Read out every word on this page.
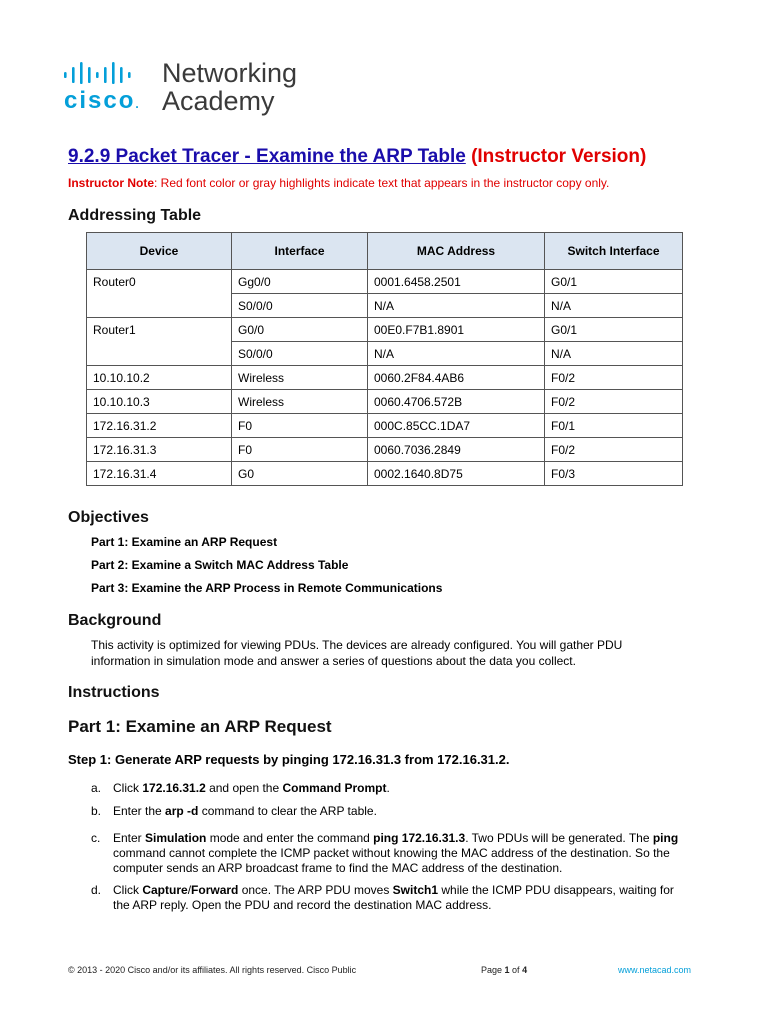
cisco.
Networking
Academy
9.2.9 Packet Tracer - Examine the ARP Table (Instructor Version)
Instructor Note: Red font color or gray highlights indicate text that appears in the instructor copy only.
Addressing Table
Device	Interface	MAC Address	Switch Interface
Router0	Gg0/0	0001.6458.2501	G0/1
	S0/0/0	N/A	N/A
Router1	G0/0	00E0.F7B1.8901	G0/1
	S0/0/0	N/A	N/A
10.10.10.2	Wireless	0060.2F84.4AB6	F0/2
10.10.10.3	Wireless	0060.4706.572B	F0/2
172.16.31.2	F0	000C.85CC.1DA7	F0/1
172.16.31.3	F0	0060.7036.2849	F0/2
172.16.31.4	G0	0002.1640.8D75	F0/3
Objectives
Part 1: Examine an ARP Request
Part 2: Examine a Switch MAC Address Table
Part 3: Examine the ARP Process in Remote Communications
Background
This activity is optimized for viewing PDUs. The devices are already configured. You will gather PDU information in simulation mode and answer a series of questions about the data you collect.
Instructions
Part 1: Examine an ARP Request
Step 1: Generate ARP requests by pinging 172.16.31.3 from 172.16.31.2.
a. Click 172.16.31.2 and open the Command Prompt.
b. Enter the arp -d command to clear the ARP table.
c. Enter Simulation mode and enter the command ping 172.16.31.3. Two PDUs will be generated. The ping command cannot complete the ICMP packet without knowing the MAC address of the destination. So the computer sends an ARP broadcast frame to find the MAC address of the destination.
d. Click Capture/Forward once. The ARP PDU moves Switch1 while the ICMP PDU disappears, waiting for the ARP reply. Open the PDU and record the destination MAC address.
© 2013 - 2020 Cisco and/or its affiliates. All rights reserved. Cisco Public	Page 1 of 4	www.netacad.com
